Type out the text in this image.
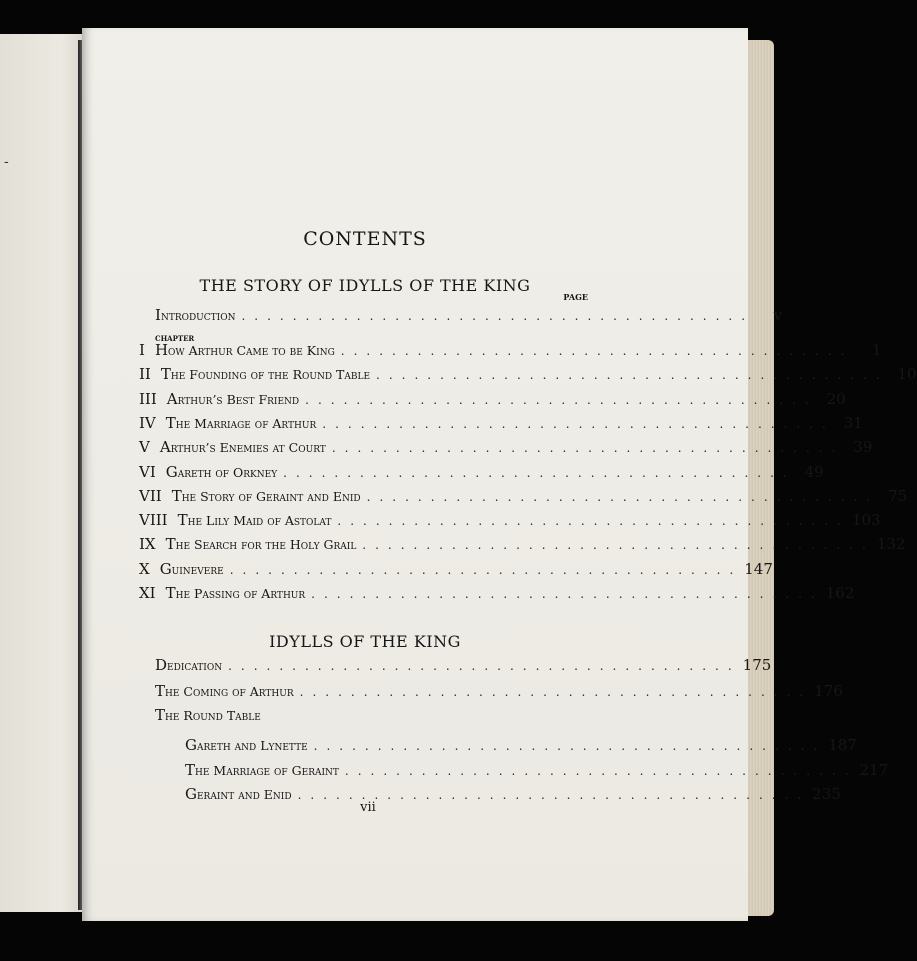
-
CONTENTS
THE STORY OF IDYLLS OF THE KING
PAGE
Introduction ........................................	v
CHAPTER
I How Arthur Came to be King ........................................	1
II The Founding of the Round Table ........................................ 10
III Arthur’s Best Friend ........................................ 20
IV The Marriage of Arthur ........................................ 31
V Arthur’s Enemies at Court ........................................ 39
VI Gareth of Orkney ........................................ 49
VII The Story of Geraint and Enid ........................................ 75
VIII The Lily Maid of Astolat ........................................ 103
IX The Search for the Holy Grail ........................................ 132
X Guinevere ........................................ 147
XI The Passing of Arthur ........................................ 162
IDYLLS OF THE KING
Dedication ........................................ 175
The Coming of Arthur ........................................ 176
The Round Table
Gareth and Lynette ........................................ 187
The Marriage of Geraint ........................................ 217
Geraint and Enid ........................................ 235
vii
